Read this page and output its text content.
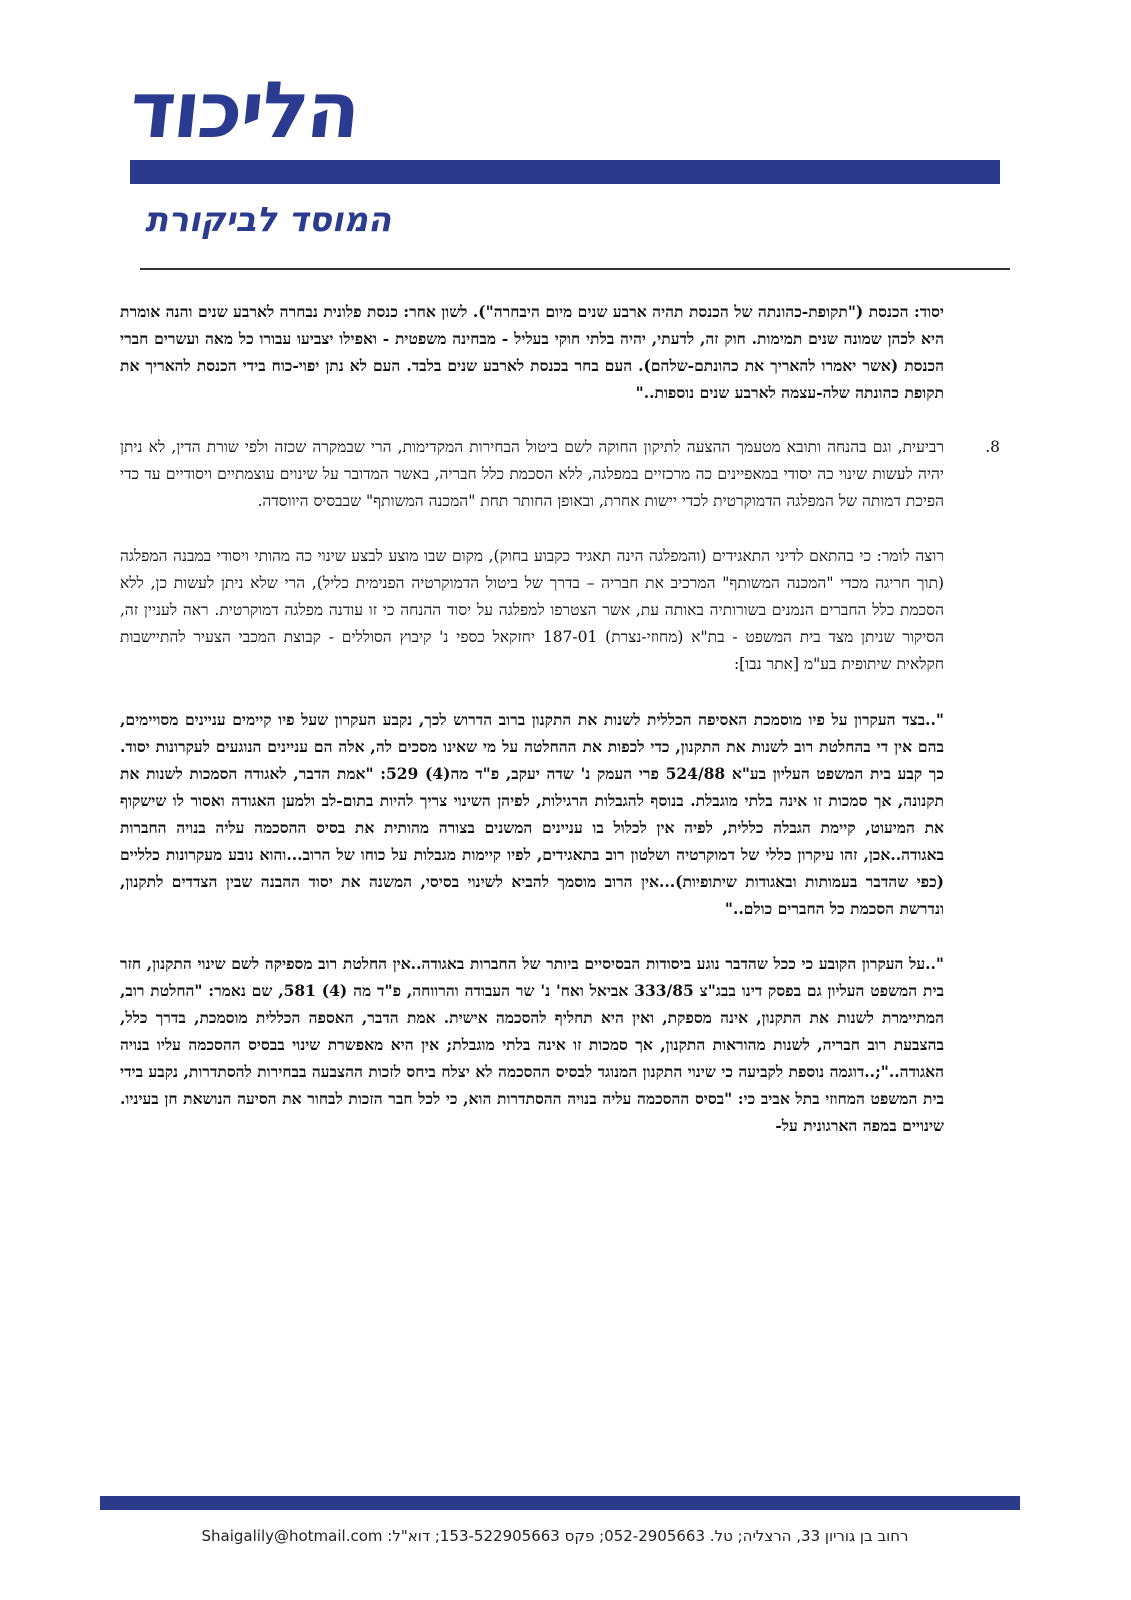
הליכוד
המוסד לביקורת

יסוד: הכנסת ("תקופת-כהונתה של הכנסת תהיה ארבע שנים מיום היבחרה"). לשון אחר: כנסת פלונית נבחרה לארבע שנים והנה אומרת היא לכהן שמונה שנים תמימות. חוק זה, לדעתי, יהיה בלתי חוקי בעליל - מבחינה משפטית - ואפילו יצביעו עבורו כל מאה ועשרים חברי הכנסת (אשר יאמרו להאריך את כהונתם-שלהם). העם בחר בכנסת לארבע שנים בלבד. העם לא נתן יפוי-כוח בידי הכנסת להאריך את תקופת כהונתה שלה-עצמה לארבע שנים נוספות.."

8.

רביעית, וגם בהנחה ותובא מטעמך ההצעה לתיקון החוקה לשם ביטול הבחירות המקדימות, הרי שבמקרה שכזה ולפי שורת הדין, לא ניתן יהיה לעשות שינוי כה יסודי במאפיינים כה מרכזיים במפלגה, ללא הסכמת כלל חבריה, באשר המדובר על שינוים עוצמתיים ויסודיים עד כדי הפיכת דמותה של המפלגה הדמוקרטית לכדי יישות אחרת, ובאופן החותר תחת "המכנה המשותף" שבבסיס היווסדה.

רוצה לומר: כי בהתאם לדיני התאגידים (והמפלגה הינה תאגיד כקבוע בחוק), מקום שבו מוצע לבצע שינוי כה מהותי ויסודי במבנה המפלגה (תוך חריגה מכדי "המכנה המשותף" המרכיב את חבריה – בדרך של ביטול הדמוקרטיה הפנימית כליל), הרי שלא ניתן לעשות כן, ללא הסכמת כלל החברים הנמנים בשורותיה באותה עת, אשר הצטרפו למפלגה על יסוד ההנחה כי זו עודנה מפלגה דמוקרטית. ראה לעניין זה, הסיקור שניתן מצד בית המשפט - בת"א (מחוזי-נצרת) 187-01 יחזקאל כספי נ' קיבוץ הסוללים - קבוצת המכבי הצעיר להתיישבות חקלאית שיתופית בע"מ [אתר נבו]:

"..בצד העקרון על פיו מוסמכת האסיפה הכללית לשנות את התקנון ברוב הדרוש לכך, נקבע העקרון שעל פיו קיימים עניינים מסויימים, בהם אין די בהחלטת רוב לשנות את התקנון, כדי לכפות את ההחלטה על מי שאינו מסכים לה, אלה הם עניינים הנוגעים לעקרונות יסוד. כך קבע בית המשפט העליון בע"א 524/88 פרי העמק נ' שדה יעקב, פ"ד מה(4) 529: "אמת הדבר, לאגודה הסמכות לשנות את תקנונה, אך סמכות זו אינה בלתי מוגבלת. בנוסף להגבלות הרגילות, לפיהן השינוי צריך להיות בתום-לב ולמען האגודה ואסור לו שישקוף את המיעוט, קיימת הגבלה כללית, לפיה אין לכלול בו עניינים המשנים בצורה מהותית את בסיס ההסכמה עליה בנויה החברות באגודה..אכן, זהו עיקרון כללי של דמוקרטיה ושלטון רוב בתאגידים, לפיו קיימות מגבלות על כוחו של הרוב...והוא נובע מעקרונות כלליים (כפי שהדבר בעמותות ובאגודות שיתופיות)...אין הרוב מוסמך להביא לשינוי בסיסי, המשנה את יסוד ההבנה שבין הצדדים לתקנון, ונדרשת הסכמת כל החברים כולם.."

"..על העקרון הקובע כי ככל שהדבר נוגע ביסודות הבסיסיים ביותר של החברות באגודה..אין החלטת רוב מספיקה לשם שינוי התקנון, חזר בית המשפט העליון גם בפסק דינו בבג"צ 333/85 אביאל ואח' נ' שר העבודה והרווחה, פ"ד מה (4) 581, שם נאמר: "החלטת רוב, המתיימרת לשנות את התקנון, אינה מספקת, ואין היא תחליף להסכמה אישית. אמת הדבר, האספה הכללית מוסמכת, בדרך כלל, בהצבעת רוב חבריה, לשנות מהוראות התקנון, אך סמכות זו אינה בלתי מוגבלת; אין היא מאפשרת שינוי בבסיס ההסכמה עליו בנויה האגודה..";..דוגמה נוספת לקביעה כי שינוי התקנון המנוגד לבסיס ההסכמה לא יצלח ביחס לזכות ההצבעה בבחירות להסתדרות, נקבע בידי בית המשפט המחוזי בתל אביב כי: "בסיס ההסכמה עליה בנויה ההסתדרות הוא, כי לכל חבר הזכות לבחור את הסיעה הנושאת חן בעיניו. שינויים במפה הארגונית על-

רחוב בן גוריון 33, הרצליה; טל. 052-2905663; פקס 153-522905663; דוא"ל: Shaigalily@hotmail.com
